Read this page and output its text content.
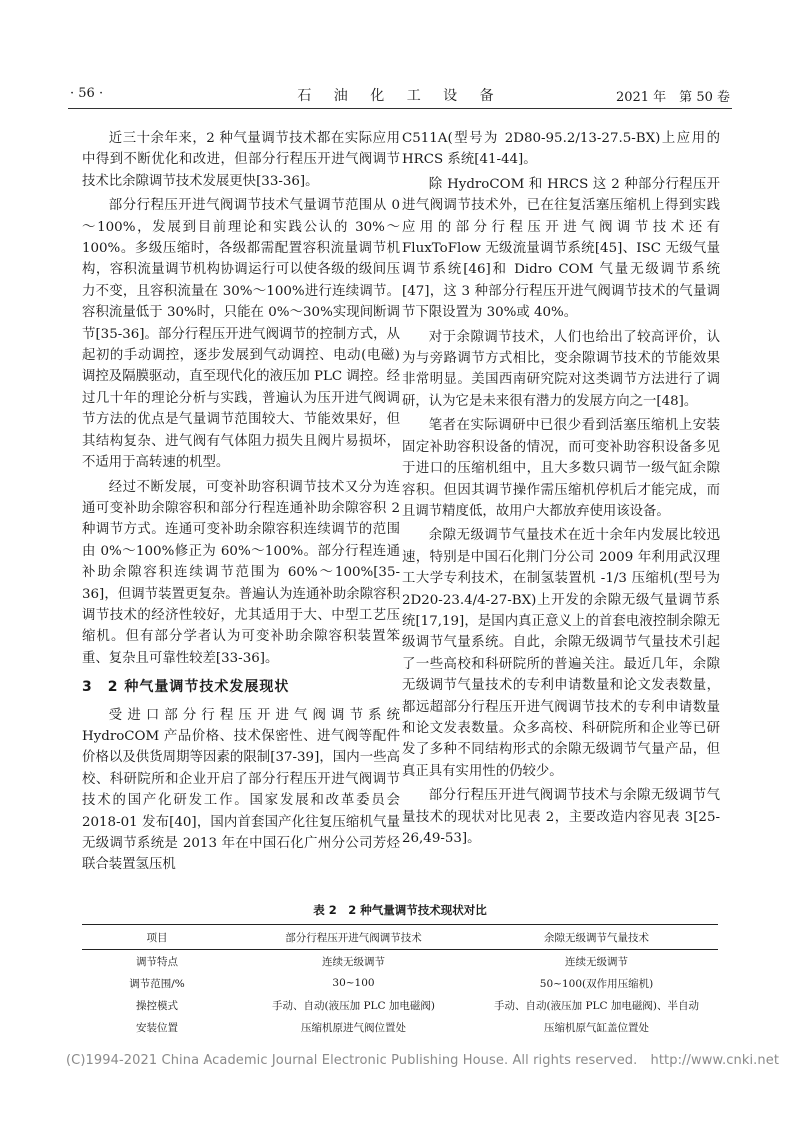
· 56 ·	石 油 化 工 设 备	2021 年　第 50 卷

近三十余年来，2 种气量调节技术都在实际应用中得到不断优化和改进，但部分行程压开进气阀调节技术比余隙调节技术发展更快[33-36]。

部分行程压开进气阀调节技术气量调节范围从 0～100%，发展到目前理论和实践公认的 30%～100%。多级压缩时，各级都需配置容积流量调节机构，容积流量调节机构协调运行可以使各级的级间压力不变，且容积流量在 30%～100%进行连续调节。容积流量低于 30%时，只能在 0%～30%实现间断调节[35-36]。部分行程压开进气阀调节的控制方式，从起初的手动调控，逐步发展到气动调控、电动(电磁)调控及隔膜驱动，直至现代化的液压加 PLC 调控。经过几十年的理论分析与实践，普遍认为压开进气阀调节方法的优点是气量调节范围较大、节能效果好，但其结构复杂、进气阀有气体阻力损失且阀片易损坏，不适用于高转速的机型。

经过不断发展，可变补助容积调节技术又分为连通可变补助余隙容积和部分行程连通补助余隙容积 2 种调节方式。连通可变补助余隙容积连续调节的范围由 0%～100%修正为 60%～100%。部分行程连通补助余隙容积连续调节范围为 60%～100%[35-36]，但调节装置更复杂。普遍认为连通补助余隙容积调节技术的经济性较好，尤其适用于大、中型工艺压缩机。但有部分学者认为可变补助余隙容积装置笨重、复杂且可靠性较差[33-36]。

3　2 种气量调节技术发展现状

受进口部分行程压开进气阀调节系统 HydroCOM 产品价格、技术保密性、进气阀等配件价格以及供货周期等因素的限制[37-39]，国内一些高校、科研院所和企业开启了部分行程压开进气阀调节技术的国产化研发工作。国家发展和改革委员会 2018-01 发布[40]，国内首套国产化往复压缩机气量无级调节系统是 2013 年在中国石化广州分公司芳烃联合装置氢压机

C511A(型号为 2D80-95.2/13-27.5-BX)上应用的 HRCS 系统[41-44]。

除 HydroCOM 和 HRCS 这 2 种部分行程压开进气阀调节技术外，已在往复活塞压缩机上得到实践应用的部分行程压开进气阀调节技术还有 FluxToFlow 无级流量调节系统[45]、ISC 无级气量调节系统[46]和 Didro COM 气量无级调节系统[47]，这 3 种部分行程压开进气阀调节技术的气量调节下限设置为 30%或 40%。

对于余隙调节技术，人们也给出了较高评价，认为与旁路调节方式相比，变余隙调节技术的节能效果非常明显。美国西南研究院对这类调节方法进行了调研，认为它是未来很有潜力的发展方向之一[48]。

笔者在实际调研中已很少看到活塞压缩机上安装固定补助容积设备的情况，而可变补助容积设备多见于进口的压缩机组中，且大多数只调节一级气缸余隙容积。但因其调节操作需压缩机停机后才能完成，而且调节精度低，故用户大都放弃使用该设备。

余隙无级调节气量技术在近十余年内发展比较迅速，特别是中国石化荆门分公司 2009 年利用武汉理工大学专利技术，在制氢装置机 -1/3 压缩机(型号为 2D20-23.4/4-27-BX)上开发的余隙无级气量调节系统[17,19]，是国内真正意义上的首套电液控制余隙无级调节气量系统。自此，余隙无级调节气量技术引起了一些高校和科研院所的普遍关注。最近几年，余隙无级调节气量技术的专利申请数量和论文发表数量，都远超部分行程压开进气阀调节技术的专利申请数量和论文发表数量。众多高校、科研院所和企业等已研发了多种不同结构形式的余隙无级调节气量产品，但真正具有实用性的仍较少。

部分行程压开进气阀调节技术与余隙无级调节气量技术的现状对比见表 2，主要改造内容见表 3[25-26,49-53]。

表 2　2 种气量调节技术现状对比
项目	部分行程压开进气阀调节技术	余隙无级调节气量技术
调节特点	连续无级调节	连续无级调节
调节范围/%	30~100	50~100(双作用压缩机)
操控模式	手动、自动(液压加 PLC 加电磁阀)	手动、自动(液压加 PLC 加电磁阀)、半自动
安装位置	压缩机原进气阀位置处	压缩机原气缸盖位置处
(C)1994-2021 China Academic Journal Electronic Publishing House. All rights reserved.　http://www.cnki.net
